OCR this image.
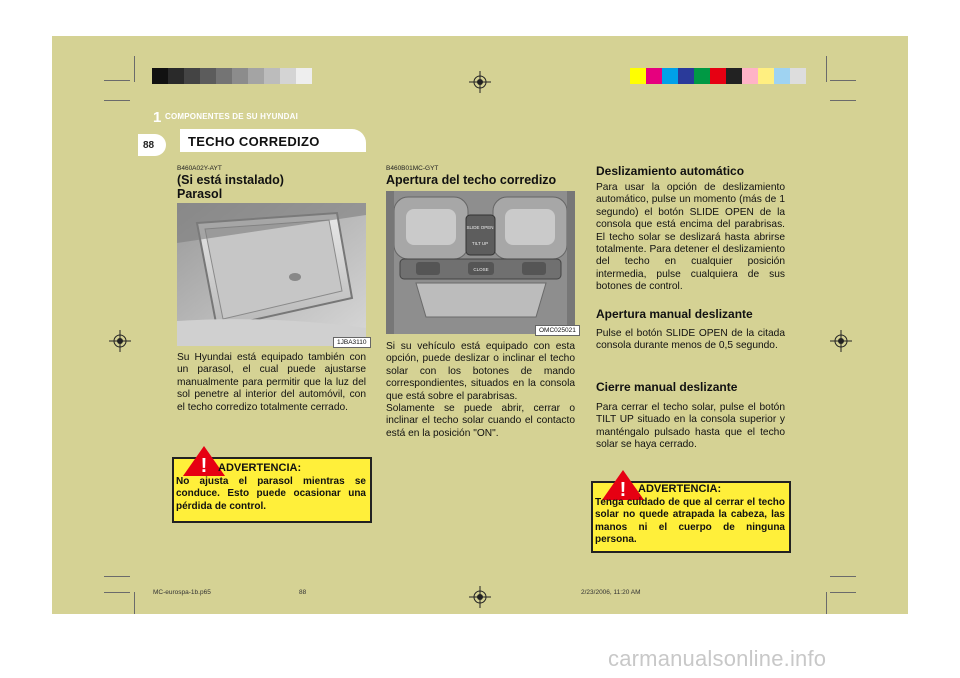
1 COMPONENTES DE SU HYUNDAI
88	TECHO CORREDIZO
B460A02Y-AYT
(Si está instalado)
Parasol
1JBA3110
Su Hyundai está equipado también con un parasol, el cual puede ajustarse manualmente para permitir que la luz del sol penetre al interior del automóvil, con el techo corredizo totalmente cerrado.
! ADVERTENCIA:
No ajusta el parasol mientras se conduce. Esto puede ocasionar una pérdida de control.
B460B01MC-GYT
Apertura del techo corredizo
SLIDE OPEN
TILT UP
CLOSE
OMC025021
Si su vehículo está equipado con esta opción, puede deslizar o inclinar el techo solar con los botones de mando correspondientes, situados en la consola que está sobre el parabrisas.
Solamente se puede abrir, cerrar o inclinar el techo solar cuando el contacto está en la posición "ON".
Deslizamiento automático
Para usar la opción de deslizamiento automático, pulse un momento (más de 1 segundo) el botón SLIDE OPEN de la consola que está encima del parabrisas. El techo solar se deslizará hasta abrirse totalmente. Para detener el deslizamiento del techo en cualquier posición intermedia, pulse cualquiera de sus botones de control.
Apertura manual deslizante
Pulse el botón SLIDE OPEN de la citada consola durante menos de 0,5 segundo.
Cierre manual deslizante
Para cerrar el techo solar, pulse el botón TILT UP situado en la consola superior y manténgalo pulsado hasta que el techo solar se haya cerrado.
! ADVERTENCIA:
Tenga cuidado de que al cerrar el techo solar no quede atrapada la cabeza, las manos ni el cuerpo de ninguna persona.
MC-eurospa-1b.p65	88	2/23/2006, 11:20 AM
carmanualsonline.info
